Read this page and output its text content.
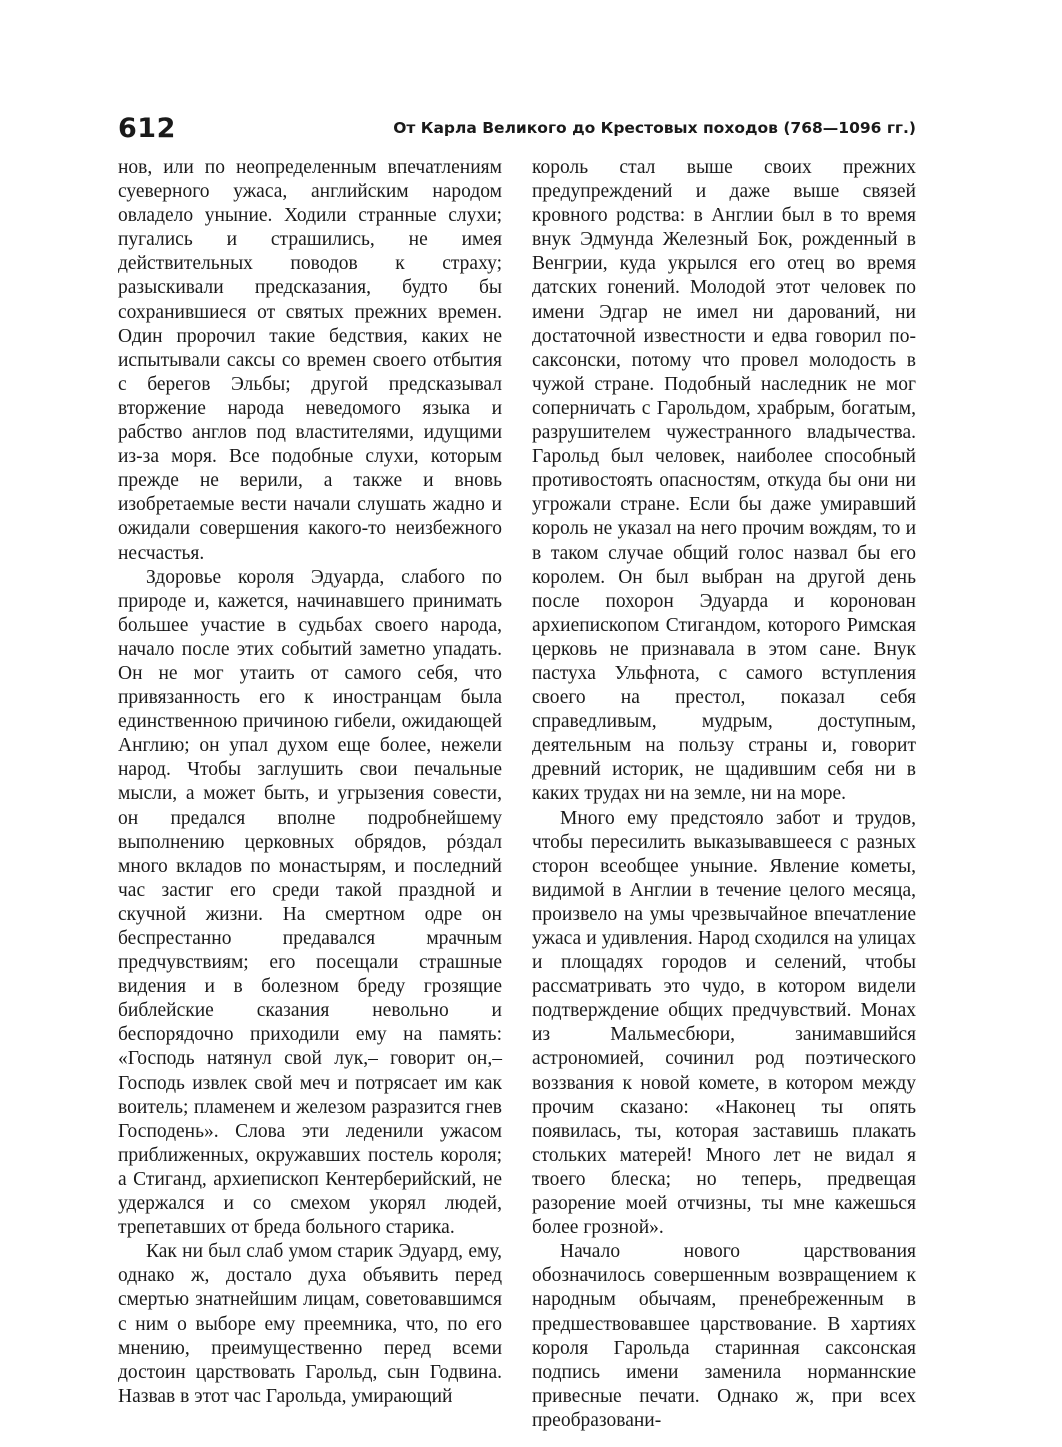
612	От Карла Великого до Крестовых походов (768—1096 гг.)

нов, или по неопределенным впечатлениям суеверного ужаса, английским народом овладело уныние. Ходили странные слухи; пугались и страшились, не имея действительных поводов к страху; разыскивали предсказания, будто бы сохранившиеся от святых прежних времен. Один пророчил такие бедствия, каких не испытывали саксы со времен своего отбытия с берегов Эльбы; другой предсказывал вторжение народа неведомого языка и рабство англов под властителями, идущими из-за моря. Все подобные слухи, которым прежде не верили, а также и вновь изобретаемые вести начали слушать жадно и ожидали совершения какого-то неизбежного несчастья.

Здоровье короля Эдуарда, слабого по природе и, кажется, начинавшего принимать большее участие в судьбах своего народа, начало после этих событий заметно упадать. Он не мог утаить от самого себя, что привязанность его к иностранцам была единственною причиною гибели, ожидающей Англию; он упал духом еще более, нежели народ. Чтобы заглушить свои печальные мысли, а может быть, и угрызения совести, он предался вполне подробнейшему выполнению церковных обрядов, рóздал много вкладов по монастырям, и последний час застиг его среди такой праздной и скучной жизни. На смертном одре он беспрестанно предавался мрачным предчувствиям; его посещали страшные видения и в болезном бреду грозящие библейские сказания невольно и беспорядочно приходили ему на память: «Господь натянул свой лук,– говорит он,– Господь извлек свой меч и потрясает им как воитель; пламенем и железом разразится гнев Господень». Слова эти леденили ужасом приближенных, окружавших постель короля; а Стиганд, архиепископ Кентерберийский, не удержался и со смехом укорял людей, трепетавших от бреда больного старика.

Как ни был слаб умом старик Эдуард, ему, однако ж, достало духа объявить перед смертью знатнейшим лицам, советовавшимся с ним о выборе ему преемника, что, по его мнению, преимущественно перед всеми достоин царствовать Гарольд, сын Годвина. Назвав в этот час Гарольда, умирающий

король стал выше своих прежних предупреждений и даже выше связей кровного родства: в Англии был в то время внук Эдмунда Железный Бок, рожденный в Венгрии, куда укрылся его отец во время датских гонений. Молодой этот человек по имени Эдгар не имел ни дарований, ни достаточной известности и едва говорил по-саксонски, потому что провел молодость в чужой стране. Подобный наследник не мог соперничать с Гарольдом, храбрым, богатым, разрушителем чужестранного владычества. Гарольд был человек, наиболее способный противостоять опасностям, откуда бы они ни угрожали стране. Если бы даже умиравший король не указал на него прочим вождям, то и в таком случае общий голос назвал бы его королем. Он был выбран на другой день после похорон Эдуарда и коронован архиепископом Стигандом, которого Римская церковь не признавала в этом сане. Внук пастуха Ульфнота, с самого вступления своего на престол, показал себя справедливым, мудрым, доступным, деятельным на пользу страны и, говорит древний историк, не щадившим себя ни в каких трудах ни на земле, ни на море.

Много ему предстояло забот и трудов, чтобы пересилить выказывавшееся с разных сторон всеобщее уныние. Явление кометы, видимой в Англии в течение целого месяца, произвело на умы чрезвычайное впечатление ужаса и удивления. Народ сходился на улицах и площадях городов и селений, чтобы рассматривать это чудо, в котором видели подтверждение общих предчувствий. Монах из Мальмесбюри, занимавшийся астрономией, сочинил род поэтического воззвания к новой комете, в котором между прочим сказано: «Наконец ты опять появилась, ты, которая заставишь плакать стольких матерей! Много лет не видал я твоего блеска; но теперь, предвещая разорение моей отчизны, ты мне кажешься более грозной».

Начало нового царствования обозначилось совершенным возвращением к народным обычаям, пренебреженным в предшествовавшее царствование. В хартиях короля Гарольда старинная саксонская подпись имени заменила норманнские привесные печати. Однако ж, при всех преобразовани-
